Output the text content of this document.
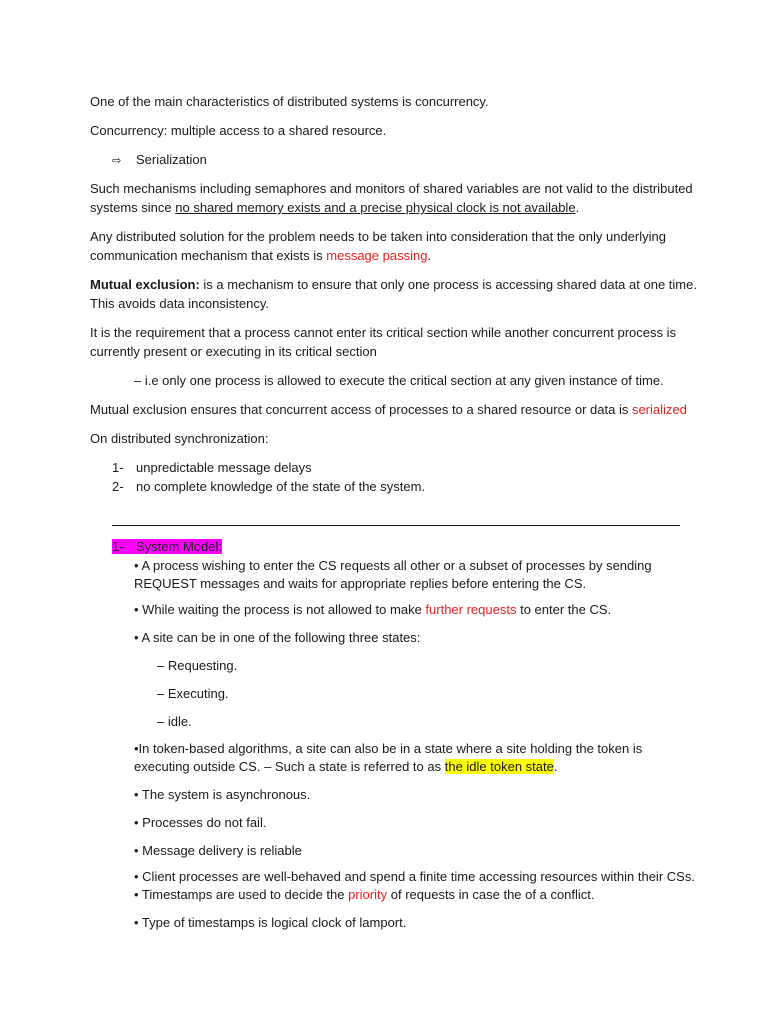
One of the main characteristics of distributed systems is concurrency.
Concurrency: multiple access to a shared resource.
⇨ Serialization
Such mechanisms including semaphores and monitors of shared variables are not valid to the distributed
systems since no shared memory exists and a precise physical clock is not available.
Any distributed solution for the problem needs to be taken into consideration that the only underlying
communication mechanism that exists is message passing.
Mutual exclusion: is a mechanism to ensure that only one process is accessing shared data at one time.
This avoids data inconsistency.
It is the requirement that a process cannot enter its critical section while another concurrent process is
currently present or executing in its critical section
– i.e only one process is allowed to execute the critical section at any given instance of time.
Mutual exclusion ensures that concurrent access of processes to a shared resource or data is serialized
On distributed synchronization:
1- unpredictable message delays
2- no complete knowledge of the state of the system.
1- System Model:
• A process wishing to enter the CS requests all other or a subset of processes by sending
REQUEST messages and waits for appropriate replies before entering the CS.
• While waiting the process is not allowed to make further requests to enter the CS.
• A site can be in one of the following three states:
– Requesting.
– Executing.
– idle.
•In token-based algorithms, a site can also be in a state where a site holding the token is
executing outside CS. – Such a state is referred to as the idle token state.
• The system is asynchronous.
• Processes do not fail.
• Message delivery is reliable
• Client processes are well-behaved and spend a finite time accessing resources within their CSs.
• Timestamps are used to decide the priority of requests in case the of a conflict.
• Type of timestamps is logical clock of lamport.
